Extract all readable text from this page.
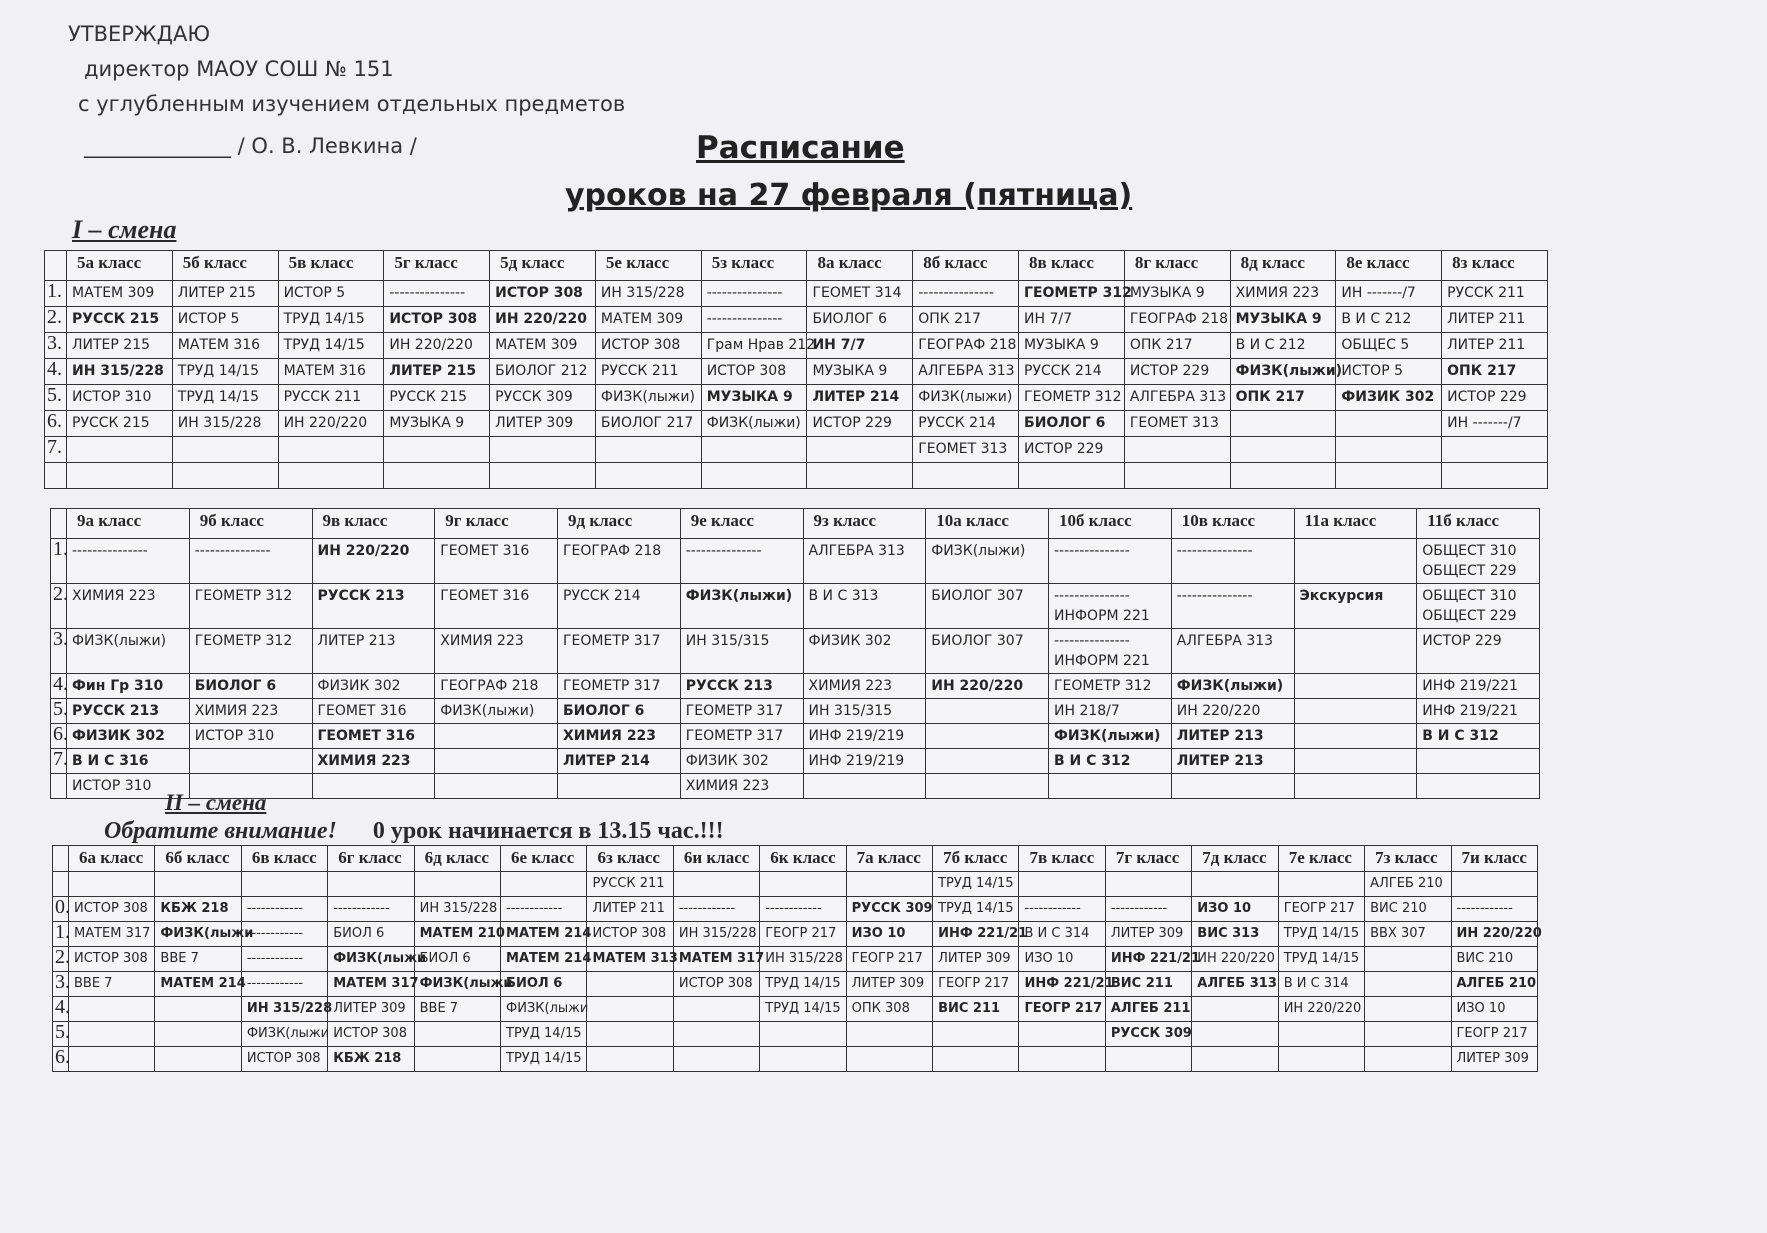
УТВЕРЖДАЮ
директор МАОУ СОШ № 151
с углубленным изучением отдельных предметов
______________ / О. В. Левкина /	Расписание
уроков на 27 февраля (пятница)
I – смена
	5а класс	5б класс	5в класс	5г класс	5д класс	5е класс	5з класс	8а класс	8б класс	8в класс	8г класс	8д класс	8е класс	8з класс
1.	МАТЕМ 309	ЛИТЕР 215	ИСТОР 5	---------------	ИСТОР 308	ИН 315/228	---------------	ГЕОМЕТ 314	---------------	ГЕОМЕТР 312	МУЗЫКА 9	ХИМИЯ 223	ИН -------/7	РУССК 211

2.	РУССК 215	ИСТОР 5	ТРУД 14/15	ИСТОР 308	ИН 220/220	МАТЕМ 309	---------------	БИОЛОГ 6	ОПК 217	ИН 7/7	ГЕОГРАФ 218	МУЗЫКА 9	В И С 212	ЛИТЕР 211

3.	ЛИТЕР 215	МАТЕМ 316	ТРУД 14/15	ИН 220/220	МАТЕМ 309	ИСТОР 308	Грам Нрав 212	ИН 7/7	ГЕОГРАФ 218	МУЗЫКА 9	ОПК 217	В И С 212	ОБЩЕС 5	ЛИТЕР 211

4.	ИН 315/228	ТРУД 14/15	МАТЕМ 316	ЛИТЕР 215	БИОЛОГ 212	РУССК 211	ИСТОР 308	МУЗЫКА 9	АЛГЕБРА 313	РУССК 214	ИСТОР 229	ФИЗК(лыжи)	ИСТОР 5	ОПК 217

5.	ИСТОР 310	ТРУД 14/15	РУССК 211	РУССК 215	РУССК 309	ФИЗК(лыжи)	МУЗЫКА 9	ЛИТЕР 214	ФИЗК(лыжи)	ГЕОМЕТР 312	АЛГЕБРА 313	ОПК 217	ФИЗИК 302	ИСТОР 229

6.	РУССК 215	ИН 315/228	ИН 220/220	МУЗЫКА 9	ЛИТЕР 309	БИОЛОГ 217	ФИЗК(лыжи)	ИСТОР 229	РУССК 214	БИОЛОГ 6	ГЕОМЕТ 313			ИН -------/7

7.									ГЕОМЕТ 313	ИСТОР 229				

	9а класс	9б класс	9в класс	9г класс	9д класс	9е класс	9з класс	10а класс	10б класс	10в класс	11а класс	11б класс
1.	---------------	---------------	ИН 220/220	ГЕОМЕТ 316	ГЕОГРАФ 218	---------------	АЛГЕБРА 313	ФИЗК(лыжи)	---------------	---------------		ОБЩЕСТ 310
ОБЩЕСТ 229

2.	ХИМИЯ 223	ГЕОМЕТР 312	РУССК 213	ГЕОМЕТ 316	РУССК 214	ФИЗК(лыжи)	В И С 313	БИОЛОГ 307	---------------
ИНФОРМ 221	---------------	Экскурсия	ОБЩЕСТ 310
ОБЩЕСТ 229

3.	ФИЗК(лыжи)	ГЕОМЕТР 312	ЛИТЕР 213	ХИМИЯ 223	ГЕОМЕТР 317	ИН 315/315	ФИЗИК 302	БИОЛОГ 307	---------------
ИНФОРМ 221	АЛГЕБРА 313		ИСТОР 229

4.	Фин Гр 310	БИОЛОГ 6	ФИЗИК 302	ГЕОГРАФ 218	ГЕОМЕТР 317	РУССК 213	ХИМИЯ 223	ИН 220/220	ГЕОМЕТР 312	ФИЗК(лыжи)		ИНФ 219/221

5.	РУССК 213	ХИМИЯ 223	ГЕОМЕТ 316	ФИЗК(лыжи)	БИОЛОГ 6	ГЕОМЕТР 317	ИН 315/315		ИН 218/7	ИН 220/220		ИНФ 219/221

6.	ФИЗИК 302	ИСТОР 310	ГЕОМЕТ 316		ХИМИЯ 223	ГЕОМЕТР 317	ИНФ 219/219		ФИЗК(лыжи)	ЛИТЕР 213		В И С 312

7.	В И С 316		ХИМИЯ 223		ЛИТЕР 214	ФИЗИК 302	ИНФ 219/219		В И С 312	ЛИТЕР 213		

	ИСТОР 310					ХИМИЯ 223						

II – смена
Обратите внимание! 0 урок начинается в 13.15 час.!!!
	6а класс	6б класс	6в класс	6г класс	6д класс	6е класс	6з класс	6и класс	6к класс	7а класс	7б класс	7в класс	7г класс	7д класс	7е класс	7з класс	7и класс

							РУССК 211				ТРУД 14/15					АЛГЕБ 210	

0.	ИСТОР 308	КБЖ 218	------------	------------	ИН 315/228	------------	ЛИТЕР 211	------------	------------	РУССК 309	ТРУД 14/15	------------	------------	ИЗО 10	ГЕОГР 217	ВИС 210	------------

1.	МАТЕМ 317	ФИЗК(лыжи	------------	БИОЛ 6	МАТЕМ 210	МАТЕМ 214	ИСТОР 308	ИН 315/228	ГЕОГР 217	ИЗО 10	ИНФ 221/21	В И С 314	ЛИТЕР 309	ВИС 313	ТРУД 14/15	ВВХ 307	ИН 220/220

2.	ИСТОР 308	ВВЕ 7	------------	ФИЗК(лыжи	БИОЛ 6	МАТЕМ 214	МАТЕМ 313	МАТЕМ 317	ИН 315/228	ГЕОГР 217	ЛИТЕР 309	ИЗО 10	ИНФ 221/21	ИН 220/220	ТРУД 14/15		ВИС 210

3.	ВВЕ 7	МАТЕМ 214	------------	МАТЕМ 317	ФИЗК(лыжи	БИОЛ 6		ИСТОР 308	ТРУД 14/15	ЛИТЕР 309	ГЕОГР 217	ИНФ 221/21	ВИС 211	АЛГЕБ 313	В И С 314		АЛГЕБ 210

4.			ИН 315/228	ЛИТЕР 309	ВВЕ 7	ФИЗК(лыжи			ТРУД 14/15	ОПК 308	ВИС 211	ГЕОГР 217	АЛГЕБ 211		ИН 220/220		ИЗО 10

5.			ФИЗК(лыжи	ИСТОР 308		ТРУД 14/15							РУССК 309				ГЕОГР 217

6.			ИСТОР 308	КБЖ 218		ТРУД 14/15											ЛИТЕР 309
